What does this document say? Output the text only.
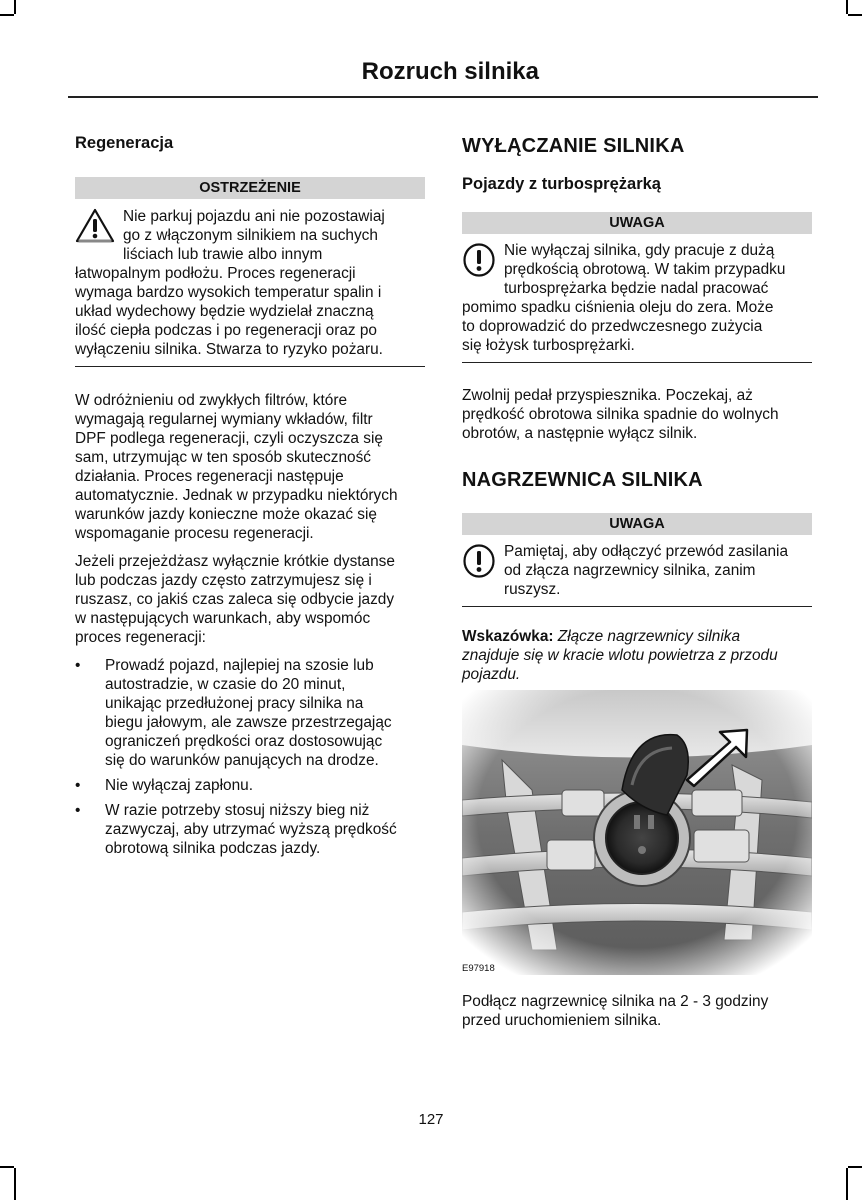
Rozruch silnika
Regeneracja
OSTRZEŻENIE
Nie parkuj pojazdu ani nie pozostawiaj
go z włączonym silnikiem na suchych
liściach lub trawie albo innym
łatwopalnym podłożu. Proces regeneracji
wymaga bardzo wysokich temperatur spalin i
układ wydechowy będzie wydzielał znaczną
ilość ciepła podczas i po regeneracji oraz po
wyłączeniu silnika. Stwarza to ryzyko pożaru.
W odróżnieniu od zwykłych filtrów, które
wymagają regularnej wymiany wkładów, filtr
DPF podlega regeneracji, czyli oczyszcza się
sam, utrzymując w ten sposób skuteczność
działania. Proces regeneracji następuje
automatycznie. Jednak w przypadku niektórych
warunków jazdy konieczne może okazać się
wspomaganie procesu regeneracji.
Jeżeli przejeżdżasz wyłącznie krótkie dystanse
lub podczas jazdy często zatrzymujesz się i
ruszasz, co jakiś czas zaleca się odbycie jazdy
w następujących warunkach, aby wspomóc
proces regeneracji:
• Prowadź pojazd, najlepiej na szosie lub
autostradzie, w czasie do 20 minut,
unikając przedłużonej pracy silnika na
biegu jałowym, ale zawsze przestrzegając
ograniczeń prędkości oraz dostosowując
się do warunków panujących na drodze.
• Nie wyłączaj zapłonu.
• W razie potrzeby stosuj niższy bieg niż
zazwyczaj, aby utrzymać wyższą prędkość
obrotową silnika podczas jazdy.
WYŁĄCZANIE SILNIKA
Pojazdy z turbosprężarką
UWAGA
Nie wyłączaj silnika, gdy pracuje z dużą
prędkością obrotową. W takim przypadku
turbosprężarka będzie nadal pracować
pomimo spadku ciśnienia oleju do zera. Może
to doprowadzić do przedwczesnego zużycia
się łożysk turbosprężarki.
Zwolnij pedał przyspiesznika. Poczekaj, aż
prędkość obrotowa silnika spadnie do wolnych
obrotów, a następnie wyłącz silnik.
NAGRZEWNICA SILNIKA
UWAGA
Pamiętaj, aby odłączyć przewód zasilania
od złącza nagrzewnicy silnika, zanim
ruszysz.
Wskazówka: Złącze nagrzewnicy silnika
znajduje się w kracie wlotu powietrza z przodu
pojazdu.
E97918
Podłącz nagrzewnicę silnika na 2 - 3 godziny
przed uruchomieniem silnika.
127
